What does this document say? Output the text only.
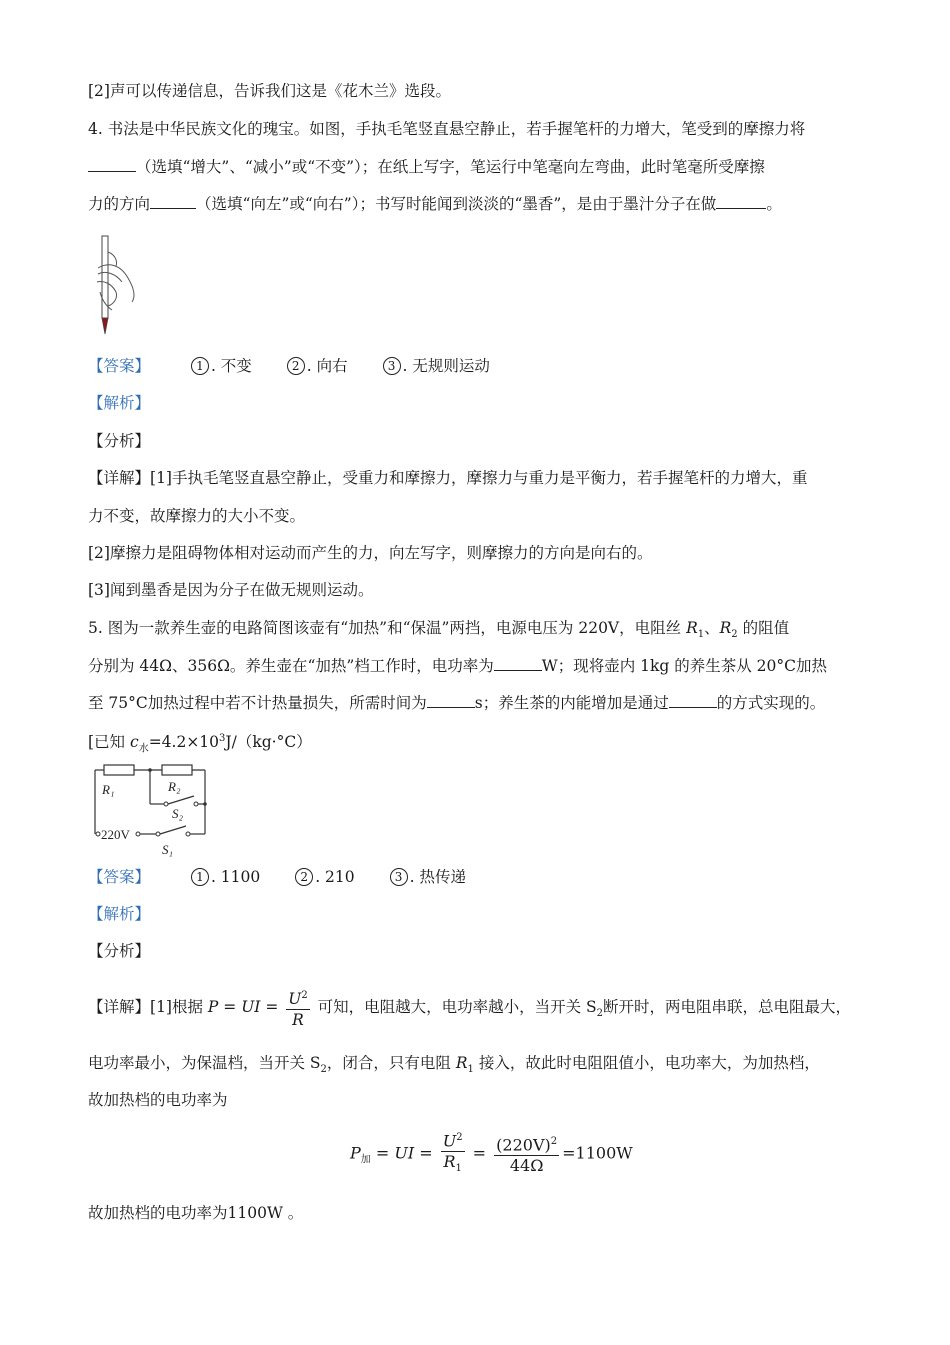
[2]声可以传递信息，告诉我们这是《花木兰》选段。
4. 书法是中华民族文化的瑰宝。如图，手执毛笔竖直悬空静止，若手握笔杆的力增大，笔受到的摩擦力将
（选填“增大”、“减小”或“不变”）；在纸上写字，笔运行中笔毫向左弯曲，此时笔毫所受摩擦
力的方向	（选填“向左”或“向右”）；书写时能闻到淡淡的“墨香”，是由于墨汁分子在做	。
【答案】	1 . 不变	2 . 向右	3 . 无规则运动
【解析】
【分析】
【详解】[1]手执毛笔竖直悬空静止，受重力和摩擦力，摩擦力与重力是平衡力，若手握笔杆的力增大，重
力不变，故摩擦力的大小不变。
[2]摩擦力是阻碍物体相对运动而产生的力，向左写字，则摩擦力的方向是向右的。
[3]闻到墨香是因为分子在做无规则运动。
5. 图为一款养生壶的电路简图该壶有“加热”和“保温”两挡，电源电压为 220V，电阻丝 $R_1$、$R_2$ 的阻值
分别为 44Ω、356Ω。养生壶在“加热”档工作时，电功率为	W；现将壶内 1kg 的养生茶从 20°C加热
至 75°C加热过程中若不计热量损失，所需时间为	s；养生茶的内能增加是通过	的方式实现的。
[已知 $c_水=4.2\times 10^3J/(kg\cdot^\circ C)$
R₁	R₂
S₂
S₁
220V
【答案】	1 . 1100	2 . 210	3 . 热传递
【解析】
【分析】
【详解】[1]根据 P = UI = $\frac{U^2}{R}$ 可知，电阻越大，电功率越小，当开关 $S_2$断开时，两电阻串联，总电阻最大，
电功率最小，为保温档，当开关 $S_2$，闭合，只有电阻 $R_1$ 接入，故此时电阻阻值小，电功率大，为加热档，
故加热档的电功率为
$P_加$ = UI = $\frac{U^2}{R_1} = \frac{(220V)^2}{44\Omega} =1100W$
故加热档的电功率为1100W 。
